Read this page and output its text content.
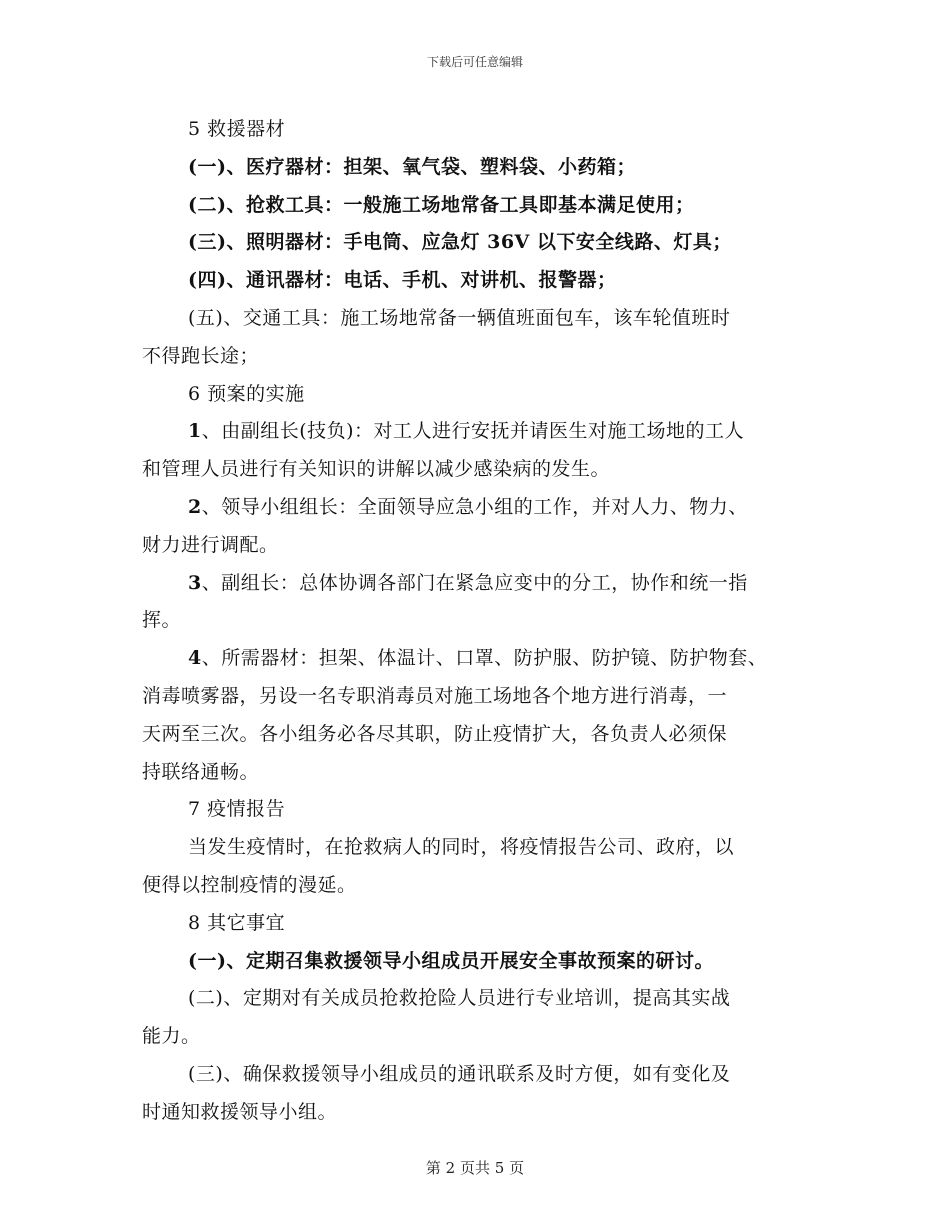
下载后可任意编辑
5 救援器材
(一)、医疗器材：担架、氧气袋、塑料袋、小药箱；
(二)、抢救工具：一般施工场地常备工具即基本满足使用；
(三)、照明器材：手电筒、应急灯 36V 以下安全线路、灯具；
(四)、通讯器材：电话、手机、对讲机、报警器；
(五)、交通工具：施工场地常备一辆值班面包车，该车轮值班时
不得跑长途；
6 预案的实施
1、由副组长(技负)：对工人进行安抚并请医生对施工场地的工人
和管理人员进行有关知识的讲解以减少感染病的发生。
2、领导小组组长：全面领导应急小组的工作，并对人力、物力、
财力进行调配。
3、副组长：总体协调各部门在紧急应变中的分工，协作和统一指
挥。
4、所需器材：担架、体温计、口罩、防护服、防护镜、防护物套、
消毒喷雾器，另设一名专职消毒员对施工场地各个地方进行消毒，一
天两至三次。各小组务必各尽其职，防止疫情扩大，各负责人必须保
持联络通畅。
7 疫情报告
当发生疫情时，在抢救病人的同时，将疫情报告公司、政府，以
便得以控制疫情的漫延。
8 其它事宜
(一)、定期召集救援领导小组成员开展安全事故预案的研讨。
(二)、定期对有关成员抢救抢险人员进行专业培训，提高其实战
能力。
(三)、确保救援领导小组成员的通讯联系及时方便，如有变化及
时通知救援领导小组。
第 2 页共 5 页
